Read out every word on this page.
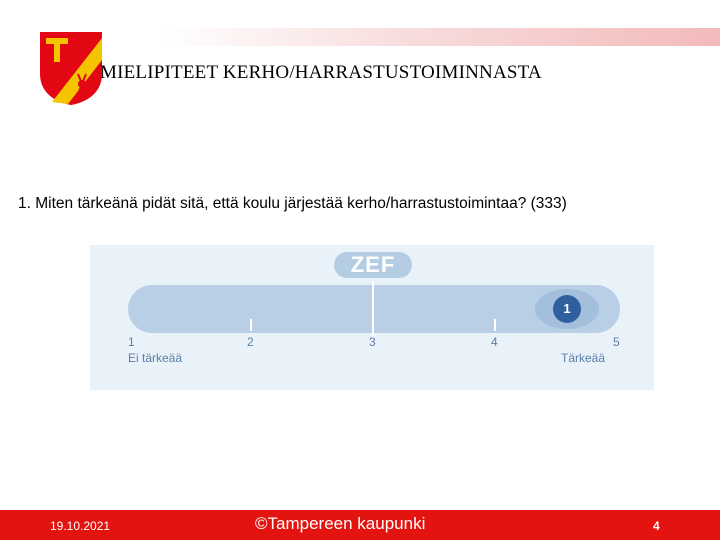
MIELIPITEET KERHO/HARRASTUSTOIMINNASTA
1. Miten tärkeänä pidät sitä, että koulu järjestää kerho/harrastustoimintaa? (333)
ZEF
1
1	2	3	4	5
Ei tärkeää	Tärkeää
19.10.2021	©Tampereen kaupunki	4
